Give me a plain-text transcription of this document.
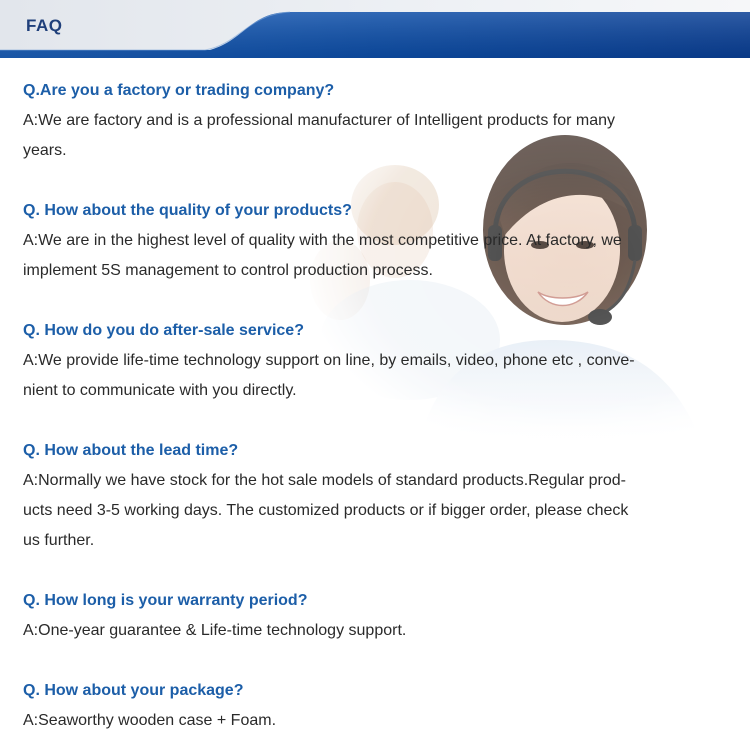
FAQ
Q.Are you a factory or trading company?
A:We are factory and is a professional manufacturer of Intelligent products for many
years.
Q. How about the quality of your products?
A:We are in the highest level of quality with the most competitive price. At factory, we
implement 5S management to control production process.
Q. How do you do after-sale service?
A:We provide life-time technology support on line, by emails, video, phone etc , conve-
nient to communicate with you directly.
Q. How about the lead time?
A:Normally we have stock for the hot sale models of standard products.Regular prod-
ucts need 3-5 working days. The customized products or if bigger order, please check
us further.
Q. How long is your warranty period?
A:One-year guarantee & Life-time technology support.
Q. How about your package?
A:Seaworthy wooden case + Foam.
